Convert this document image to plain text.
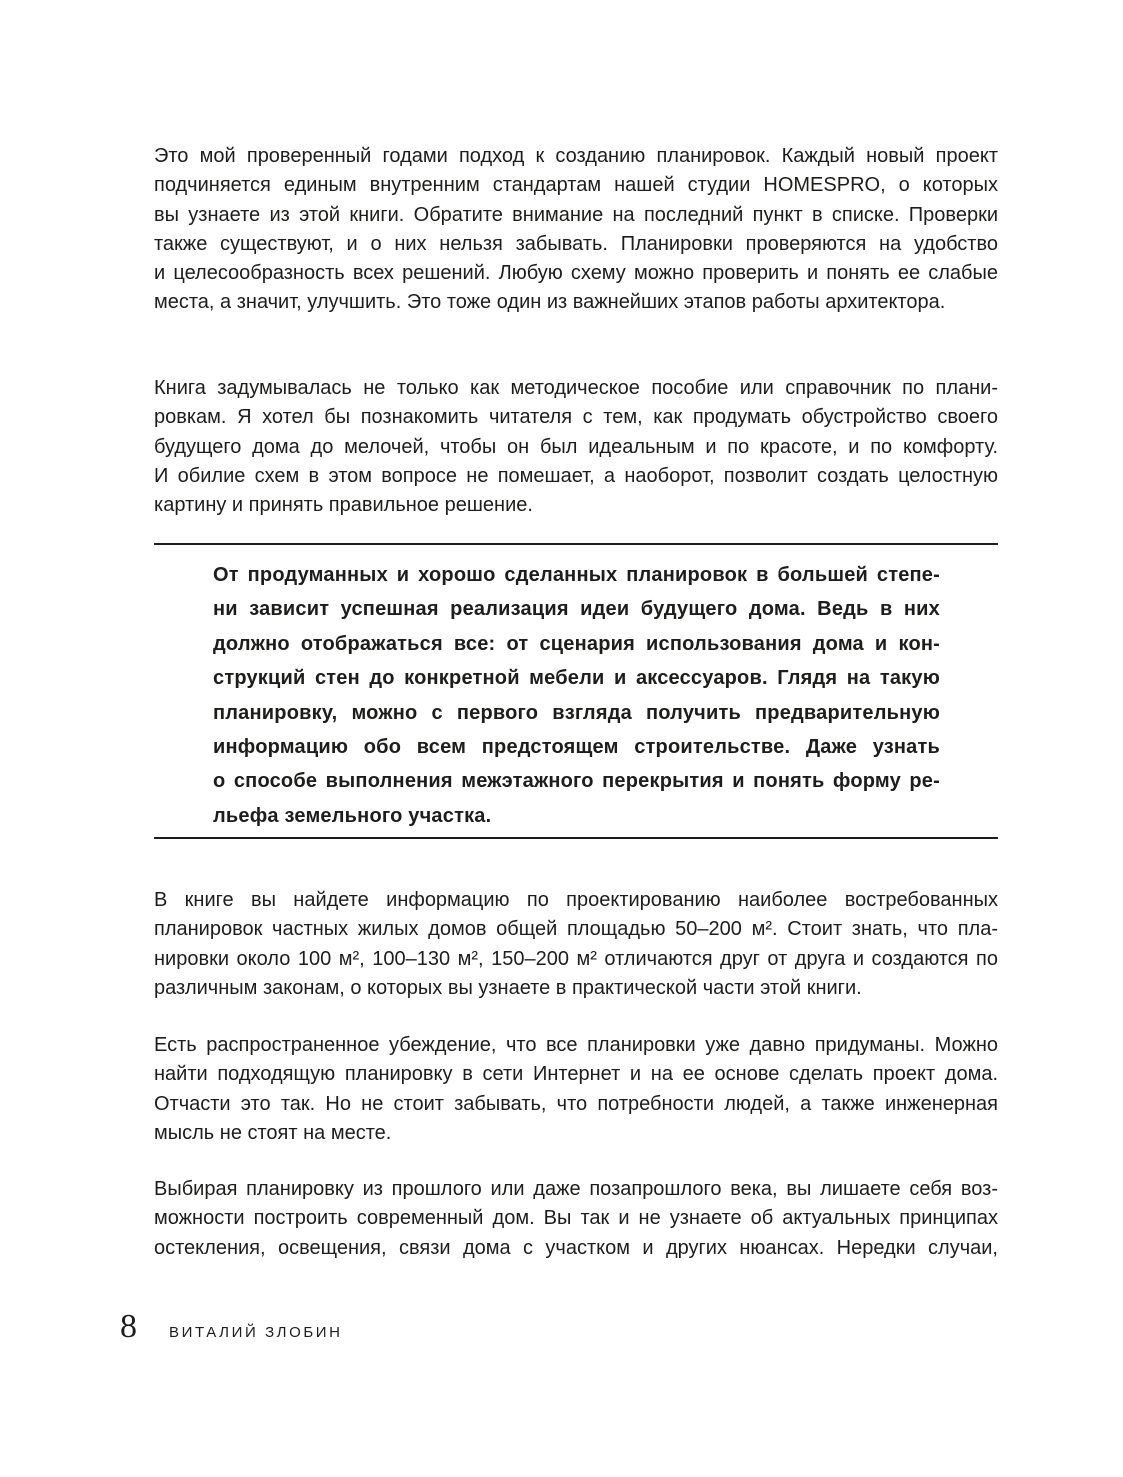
Это мой проверенный годами подход к созданию планировок. Каждый новый проект
подчиняется единым внутренним стандартам нашей студии HOMESPRO, о которых
вы узнаете из этой книги. Обратите внимание на последний пункт в списке. Проверки
также существуют, и о них нельзя забывать. Планировки проверяются на удобство
и целесообразность всех решений. Любую схему можно проверить и понять ее слабые
места, а значит, улучшить. Это тоже один из важнейших этапов работы архитектора.
Книга задумывалась не только как методическое пособие или справочник по плани-
ровкам. Я хотел бы познакомить читателя с тем, как продумать обустройство своего
будущего дома до мелочей, чтобы он был идеальным и по красоте, и по комфорту.
И обилие схем в этом вопросе не помешает, а наоборот, позволит создать целостную
картину и принять правильное решение.
От продуманных и хорошо сделанных планировок в большей степе-
ни зависит успешная реализация идеи будущего дома. Ведь в них
должно отображаться все: от сценария использования дома и кон-
струкций стен до конкретной мебели и аксессуаров. Глядя на такую
планировку, можно с первого взгляда получить предварительную
информацию обо всем предстоящем строительстве. Даже узнать
о способе выполнения межэтажного перекрытия и понять форму ре-
льефа земельного участка.
В книге вы найдете информацию по проектированию наиболее востребованных
планировок частных жилых домов общей площадью 50–200 м². Стоит знать, что пла-
нировки около 100 м², 100–130 м², 150–200 м² отличаются друг от друга и создаются по
различным законам, о которых вы узнаете в практической части этой книги.
Есть распространенное убеждение, что все планировки уже давно придуманы. Можно
найти подходящую планировку в сети Интернет и на ее основе сделать проект дома.
Отчасти это так. Но не стоит забывать, что потребности людей, а также инженерная
мысль не стоят на месте.
Выбирая планировку из прошлого или даже позапрошлого века, вы лишаете себя воз-
можности построить современный дом. Вы так и не узнаете об актуальных принципах
остекления, освещения, связи дома с участком и других нюансах. Нередки случаи,
8 ВИТАЛИЙ ЗЛОБИН
